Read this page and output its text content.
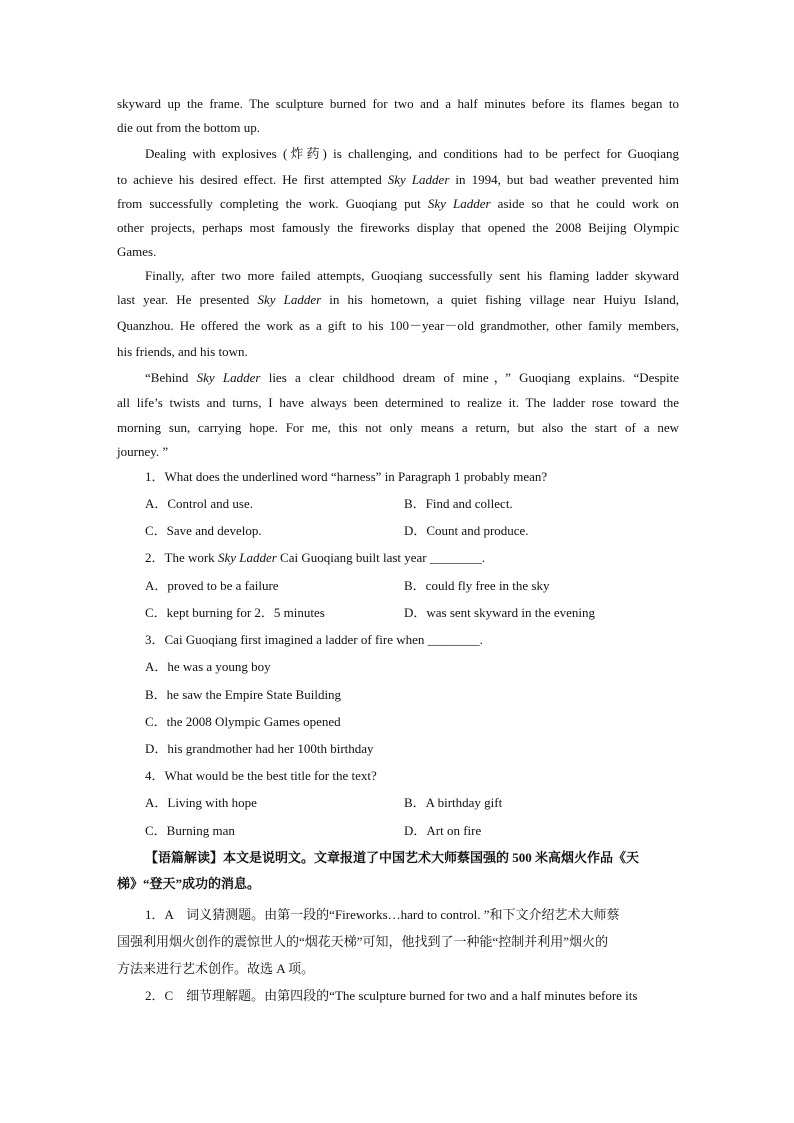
skyward up the frame. The sculpture burned for two and a half minutes before its flames began to
die out from the bottom up.
Dealing with explosives (炸药) is challenging, and conditions had to be perfect for Guoqiang
to achieve his desired effect. He first attempted Sky Ladder in 1994, but bad weather prevented him
from successfully completing the work. Guoqiang put Sky Ladder aside so that he could work on
other projects, perhaps most famously the fireworks display that opened the 2008 Beijing Olympic
Games.
Finally, after two more failed attempts, Guoqiang successfully sent his flaming ladder skyward
last year. He presented Sky Ladder in his hometown, a quiet fishing village near Huiyu Island,
Quanzhou. He offered the work as a gift to his 100－year－old grandmother, other family members,
his friends, and his town.
“Behind Sky Ladder lies a clear childhood dream of mine，” Guoqiang explains. “Despite
all life’s twists and turns, I have always been determined to realize it. The ladder rose toward the
morning sun, carrying hope. For me, this not only means a return, but also the start of a new
journey. ”
1．What does the underlined word “harness” in Paragraph 1 probably mean?
A．Control and use.	B．Find and collect.
C．Save and develop.	D．Count and produce.
2．The work Sky Ladder Cai Guoqiang built last year ________.
A．proved to be a failure	B．could fly free in the sky
C．kept burning for 2．5 minutes	D．was sent skyward in the evening
3．Cai Guoqiang first imagined a ladder of fire when ________.
A．he was a young boy
B．he saw the Empire State Building
C．the 2008 Olympic Games opened
D．his grandmother had her 100th birthday
4．What would be the best title for the text?
A．Living with hope	B．A birthday gift
C．Burning man	D．Art on fire
【语篇解读】本文是说明文。文章报道了中国艺术大师蔡国强的 500 米高烟火作品《天
梯》“登天”成功的消息。
1．A　词义猜测题。由第一段的“Fireworks…hard to control. ”和下文介绍艺术大师蔡
国强利用烟火创作的震惊世人的“烟花天梯”可知，他找到了一种能“控制并利用”烟火的
方法来进行艺术创作。故选 A 项。
2．C　细节理解题。由第四段的“The sculpture burned for two and a half minutes before its
